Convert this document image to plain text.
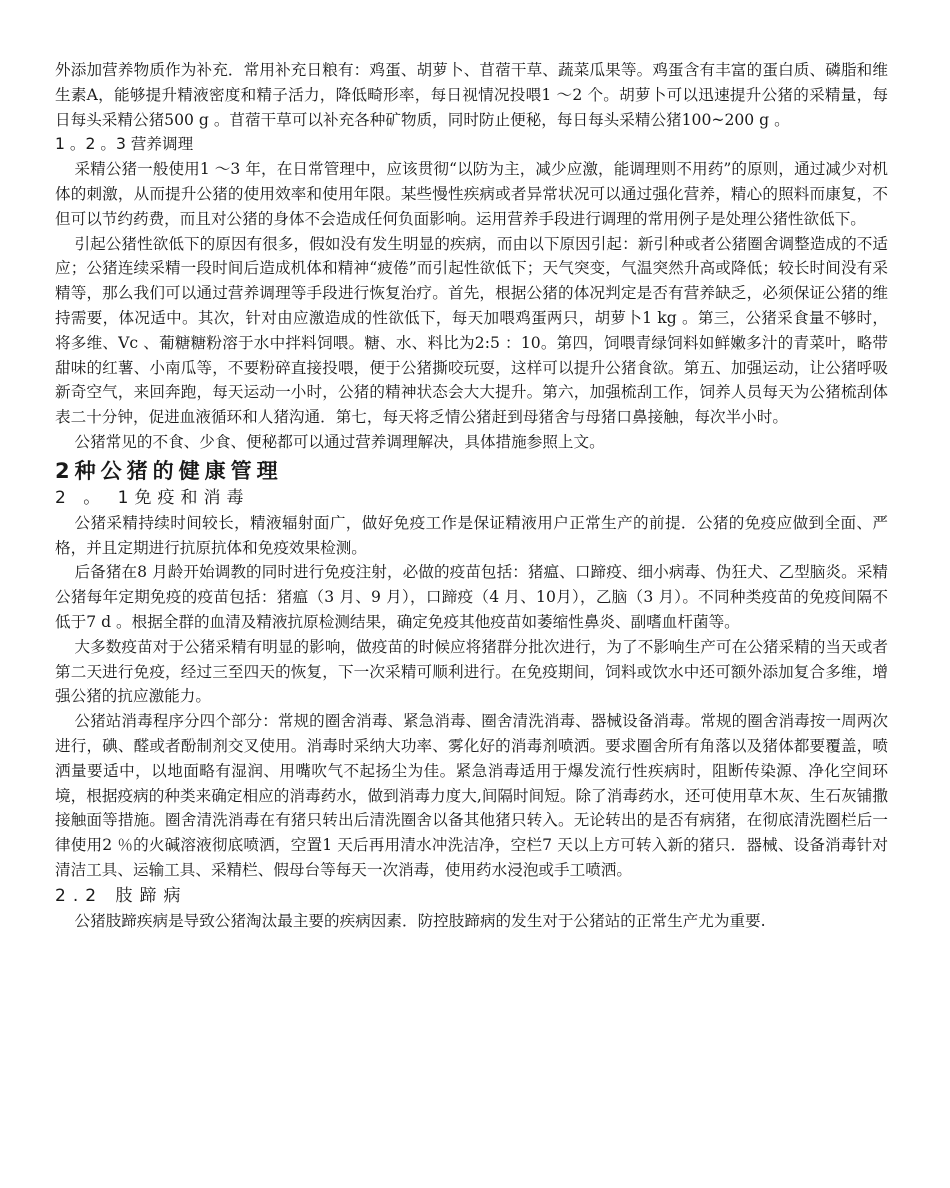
外添加营养物质作为补充．常用补充日粮有：鸡蛋、胡萝卜、苜蓿干草、蔬菜瓜果等。鸡蛋含有丰富的蛋白质、磷脂和维生素A，能够提升精液密度和精子活力，降低畸形率，每日视情况投喂1 ～2 个。胡萝卜可以迅速提升公猪的采精量，每日每头采精公猪500 g 。苜蓿干草可以补充各种矿物质，同时防止便秘，每日每头采精公猪100~200 g 。

1 。2 。3 营养调理

采精公猪一般使用1 ～3 年，在日常管理中，应该贯彻“以防为主，减少应激，能调理则不用药”的原则，通过减少对机体的刺激，从而提升公猪的使用效率和使用年限。某些慢性疾病或者异常状况可以通过强化营养，精心的照料而康复，不但可以节约药费，而且对公猪的身体不会造成任何负面影响。运用营养手段进行调理的常用例子是处理公猪性欲低下。

引起公猪性欲低下的原因有很多，假如没有发生明显的疾病，而由以下原因引起：新引种或者公猪圈舍调整造成的不适应；公猪连续采精一段时间后造成机体和精神“疲倦”而引起性欲低下；天气突变，气温突然升高或降低；较长时间没有采精等，那么我们可以通过营养调理等手段进行恢复治疗。首先，根据公猪的体况判定是否有营养缺乏，必须保证公猪的维持需要，体况适中。其次，针对由应激造成的性欲低下，每天加喂鸡蛋两只，胡萝卜1 kg 。第三，公猪采食量不够时，将多维、Vc 、葡糖糖粉溶于水中拌料饲喂。糖、水、料比为2:5 ：10。第四，饲喂青绿饲料如鲜嫩多汁的青菜叶，略带甜味的红薯、小南瓜等，不要粉碎直接投喂，便于公猪撕咬玩耍，这样可以提升公猪食欲。第五、加强运动，让公猪呼吸新奇空气，来回奔跑，每天运动一小时，公猪的精神状态会大大提升。第六，加强梳刮工作，饲养人员每天为公猪梳刮体表二十分钟，促进血液循环和人猪沟通．第七，每天将乏情公猪赶到母猪舍与母猪口鼻接触，每次半小时。

公猪常见的不食、少食、便秘都可以通过营养调理解决，具体措施参照上文。

2种公猪的健康管理
2 。 1免疫和消毒

公猪采精持续时间较长，精液辐射面广，做好免疫工作是保证精液用户正常生产的前提．公猪的免疫应做到全面、严格，并且定期进行抗原抗体和免疫效果检测。

后备猪在8 月龄开始调教的同时进行免疫注射，必做的疫苗包括：猪瘟、口蹄疫、细小病毒、伪狂犬、乙型脑炎。采精公猪每年定期免疫的疫苗包括：猪瘟（3 月、9 月），口蹄疫（4 月、10月），乙脑（3 月）。不同种类疫苗的免疫间隔不低于7 d 。根据全群的血清及精液抗原检测结果，确定免疫其他疫苗如萎缩性鼻炎、副嗜血杆菌等。

大多数疫苗对于公猪采精有明显的影响，做疫苗的时候应将猪群分批次进行，为了不影响生产可在公猪采精的当天或者第二天进行免疫，经过三至四天的恢复，下一次采精可顺利进行。在免疫期间，饲料或饮水中还可额外添加复合多维，增强公猪的抗应激能力。

公猪站消毒程序分四个部分：常规的圈舍消毒、紧急消毒、圈舍清洗消毒、器械设备消毒。常规的圈舍消毒按一周两次进行，碘、醛或者酚制剂交叉使用。消毒时采纳大功率、雾化好的消毒剂喷洒。要求圈舍所有角落以及猪体都要覆盖，喷洒量要适中，以地面略有湿润、用嘴吹气不起扬尘为佳。紧急消毒适用于爆发流行性疾病时，阻断传染源、净化空间环境，根据疫病的种类来确定相应的消毒药水，做到消毒力度大,间隔时间短。除了消毒药水，还可使用草木灰、生石灰铺撒接触面等措施。圈舍清洗消毒在有猪只转出后清洗圈舍以备其他猪只转入。无论转出的是否有病猪，在彻底清洗圈栏后一律使用2 ％的火碱溶液彻底喷洒，空置1 天后再用清水冲洗洁净，空栏7 天以上方可转入新的猪只．器械、设备消毒针对清洁工具、运输工具、采精栏、假母台等每天一次消毒，使用药水浸泡或手工喷洒。

2.2 肢蹄病

公猪肢蹄疾病是导致公猪淘汰最主要的疾病因素．防控肢蹄病的发生对于公猪站的正常生产尤为重要.
